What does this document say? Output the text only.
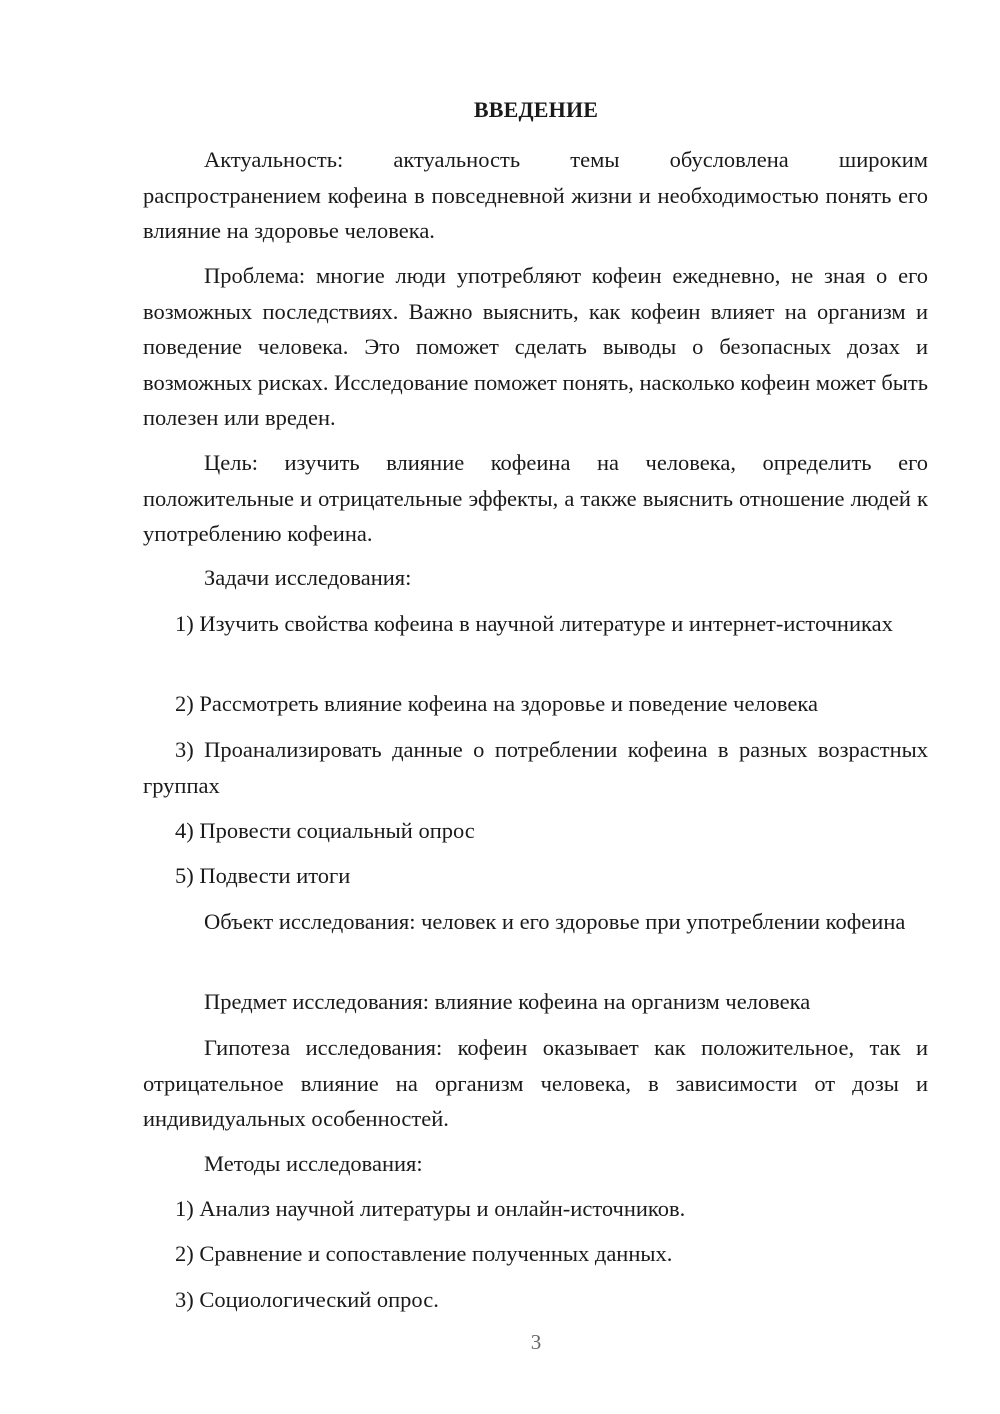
ВВЕДЕНИЕ

Актуальность: актуальность темы обусловлена широким распространением кофеина в повседневной жизни и необходимостью понять его влияние на здоровье человека.

Проблема: многие люди употребляют кофеин ежедневно, не зная о его возможных последствиях. Важно выяснить, как кофеин влияет на организм и поведение человека. Это поможет сделать выводы о безопасных дозах и возможных рисках. Исследование поможет понять, насколько кофеин может быть полезен или вреден.

Цель: изучить влияние кофеина на человека, определить его положительные и отрицательные эффекты, а также выяснить отношение людей к употреблению кофеина.

Задачи исследования:

1) Изучить свойства кофеина в научной литературе и интернет-источниках

2) Рассмотреть влияние кофеина на здоровье и поведение человека

3) Проанализировать данные о потреблении кофеина в разных возрастных группах

4) Провести социальный опрос

5) Подвести итоги

Объект исследования: человек и его здоровье при употреблении кофеина

Предмет исследования: влияние кофеина на организм человека

Гипотеза исследования: кофеин оказывает как положительное, так и отрицательное влияние на организм человека, в зависимости от дозы и индивидуальных особенностей.

Методы исследования:

1) Анализ научной литературы и онлайн-источников.

2) Сравнение и сопоставление полученных данных.

3) Социологический опрос.

3
